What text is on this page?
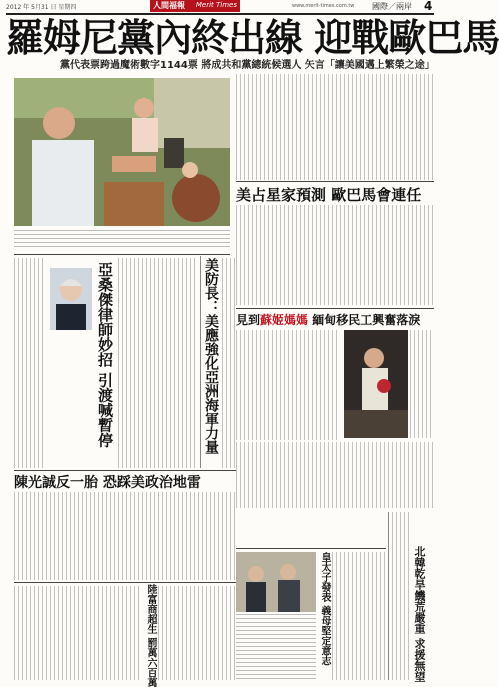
2012 年 5月31 日 星期四	人間福報 Merit Times	www.merit-times.com.tw 國際／兩岸 4
羅姆尼黨內終出線 迎戰歐巴馬
黨代表票跨過魔術數字1144票 將成共和黨總統候選人 矢言「讓美國邁上繁榮之途」
美占星家預測 歐巴馬會連任
亞桑傑律師妙招 引渡喊暫停	美防長：美應強化亞洲海軍力量 見到蘇姬媽媽 緬甸移民工興奮落淚
陳光誠反一胎 恐踩美政治地雷
陸富商超生 罰萬六百萬	皇太子發表 義母堅定意志	北韓乾旱饑荒嚴重 求援無望
